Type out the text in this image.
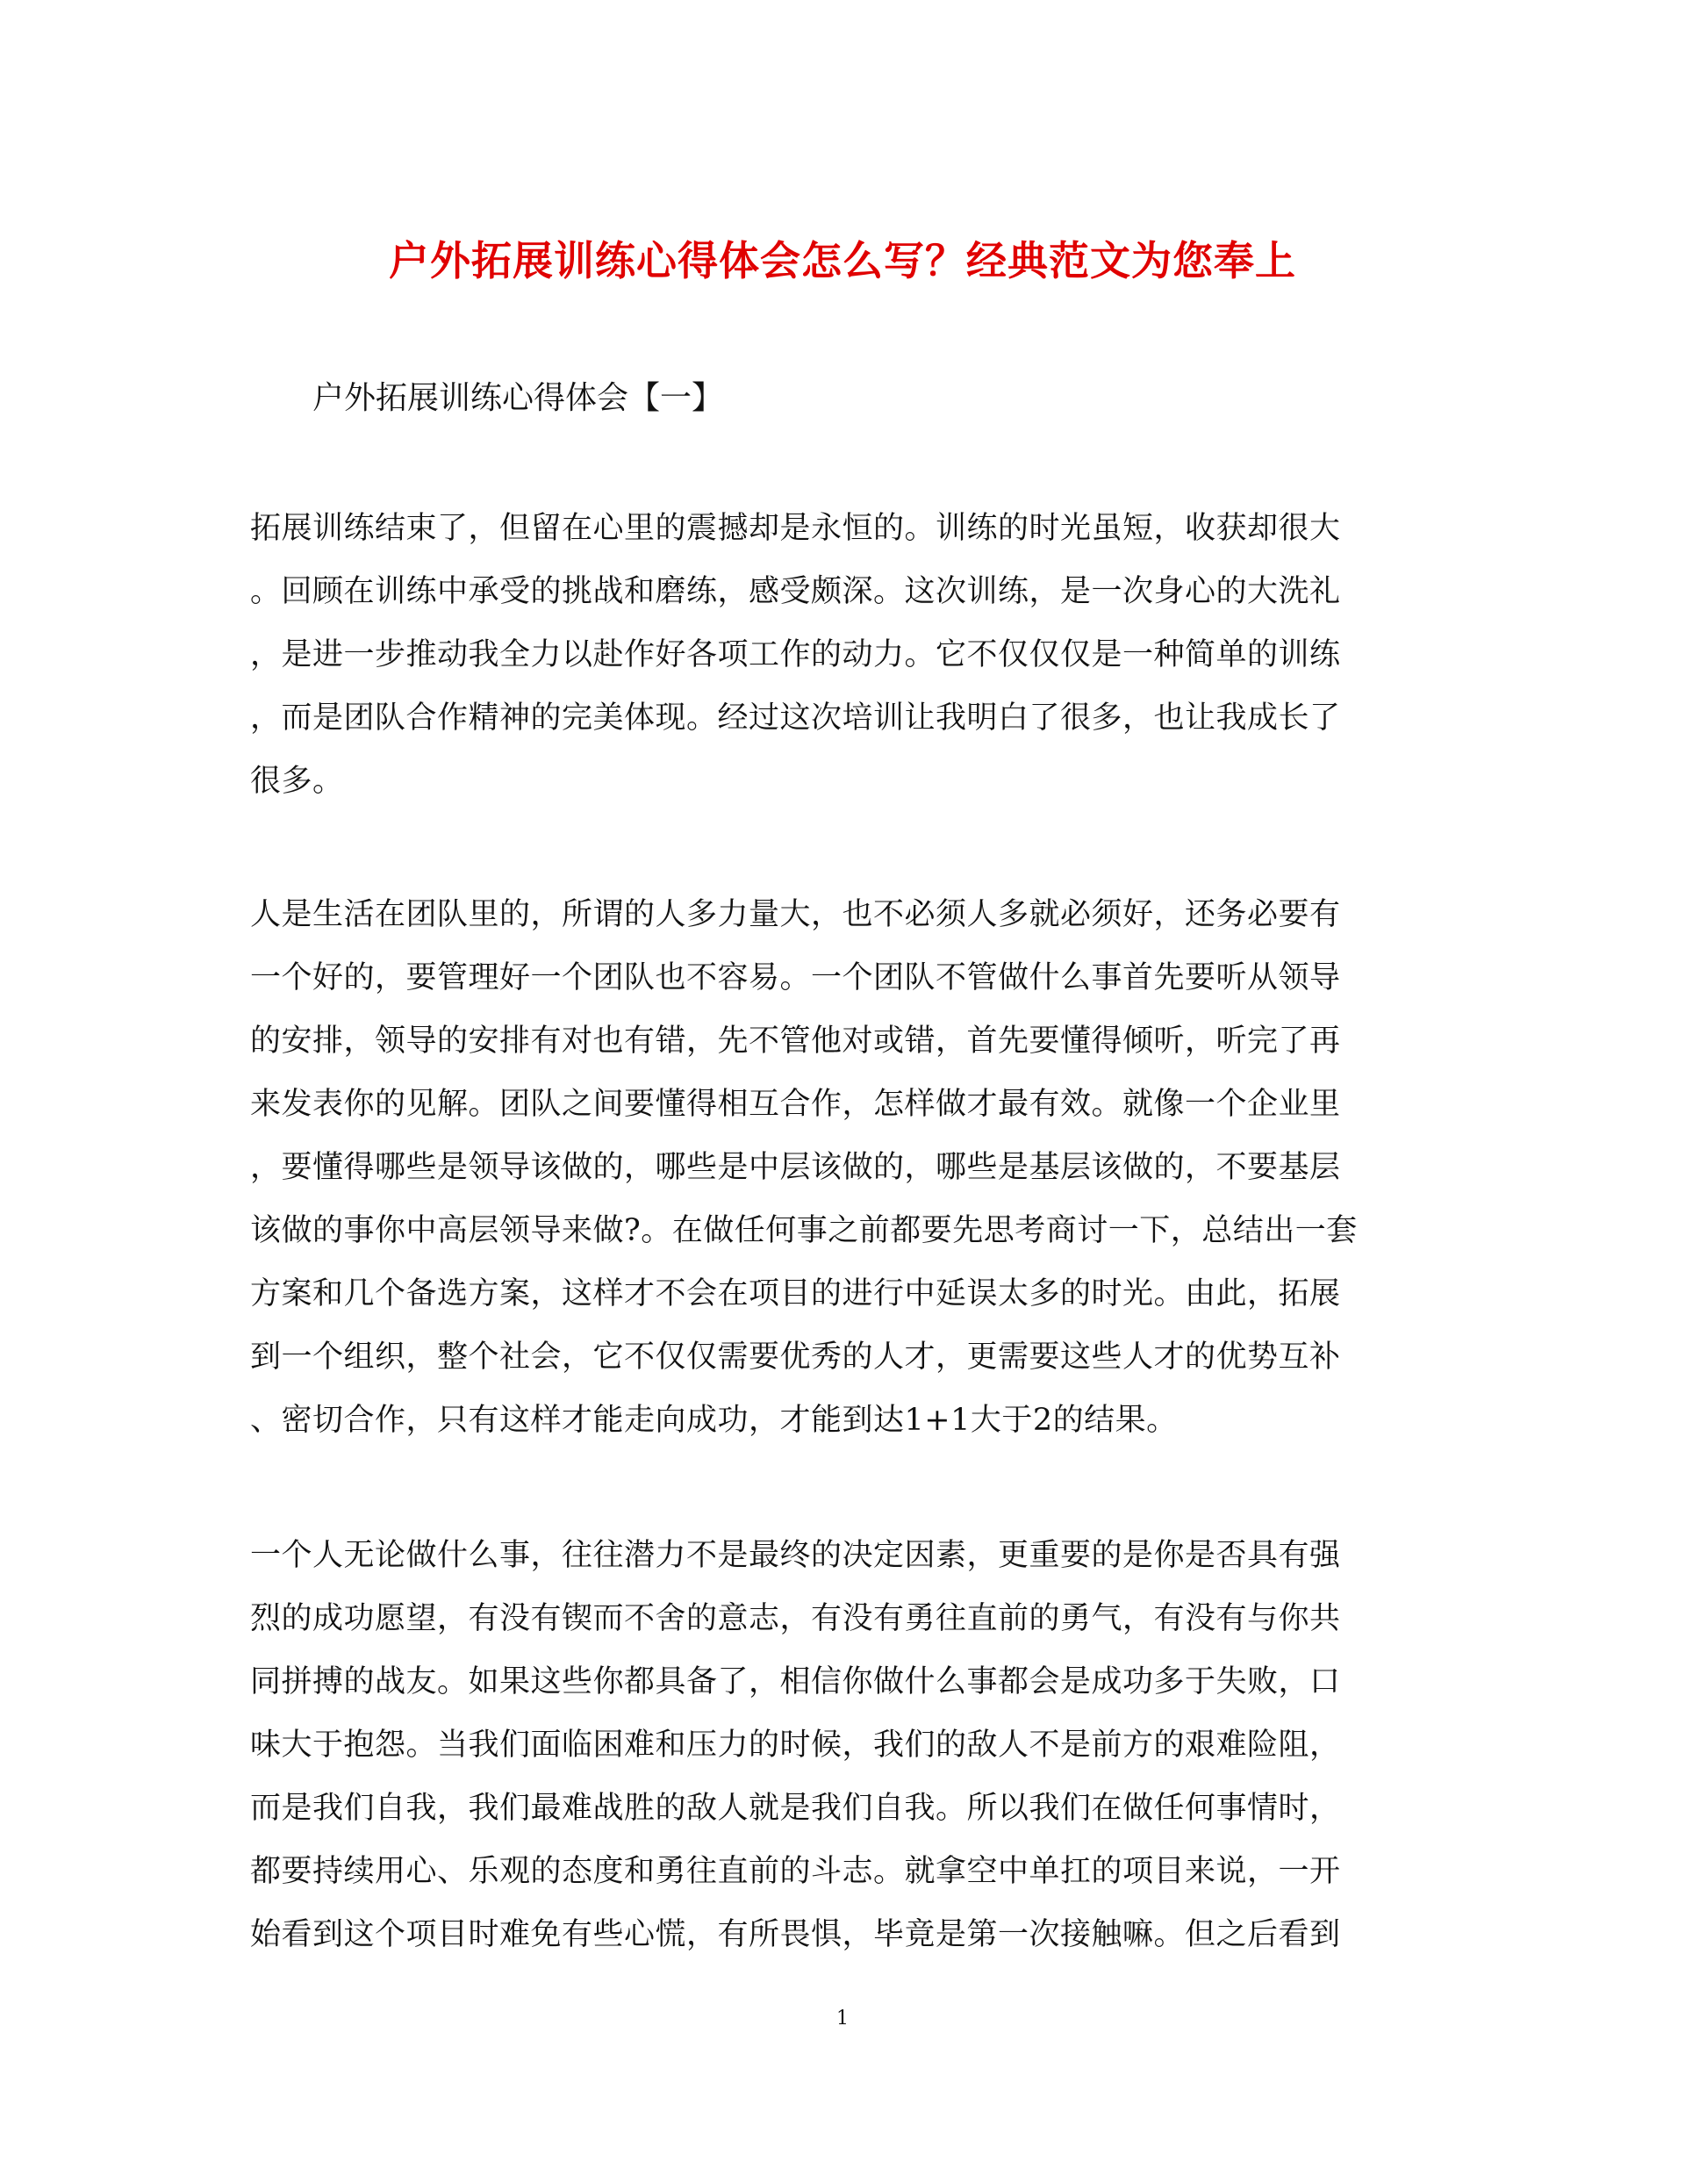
户外拓展训练心得体会怎么写？经典范文为您奉上
户外拓展训练心得体会【一】
拓展训练结束了，但留在心里的震撼却是永恒的。训练的时光虽短，收获却很大
。回顾在训练中承受的挑战和磨练，感受颇深。这次训练，是一次身心的大洗礼
，是进一步推动我全力以赴作好各项工作的动力。它不仅仅仅是一种简单的训练
，而是团队合作精神的完美体现。经过这次培训让我明白了很多，也让我成长了
很多。
人是生活在团队里的，所谓的人多力量大，也不必须人多就必须好，还务必要有
一个好的，要管理好一个团队也不容易。一个团队不管做什么事首先要听从领导
的安排，领导的安排有对也有错，先不管他对或错，首先要懂得倾听，听完了再
来发表你的见解。团队之间要懂得相互合作，怎样做才最有效。就像一个企业里
，要懂得哪些是领导该做的，哪些是中层该做的，哪些是基层该做的，不要基层
该做的事你中高层领导来做?。在做任何事之前都要先思考商讨一下，总结出一套
方案和几个备选方案，这样才不会在项目的进行中延误太多的时光。由此，拓展
到一个组织，整个社会，它不仅仅需要优秀的人才，更需要这些人才的优势互补
、密切合作，只有这样才能走向成功，才能到达1+1大于2的结果。
一个人无论做什么事，往往潜力不是最终的决定因素，更重要的是你是否具有强
烈的成功愿望，有没有锲而不舍的意志，有没有勇往直前的勇气，有没有与你共
同拼搏的战友。如果这些你都具备了，相信你做什么事都会是成功多于失败，口
味大于抱怨。当我们面临困难和压力的时候，我们的敌人不是前方的艰难险阻，
而是我们自我，我们最难战胜的敌人就是我们自我。所以我们在做任何事情时，
都要持续用心、乐观的态度和勇往直前的斗志。就拿空中单扛的项目来说，一开
始看到这个项目时难免有些心慌，有所畏惧，毕竟是第一次接触嘛。但之后看到
1
